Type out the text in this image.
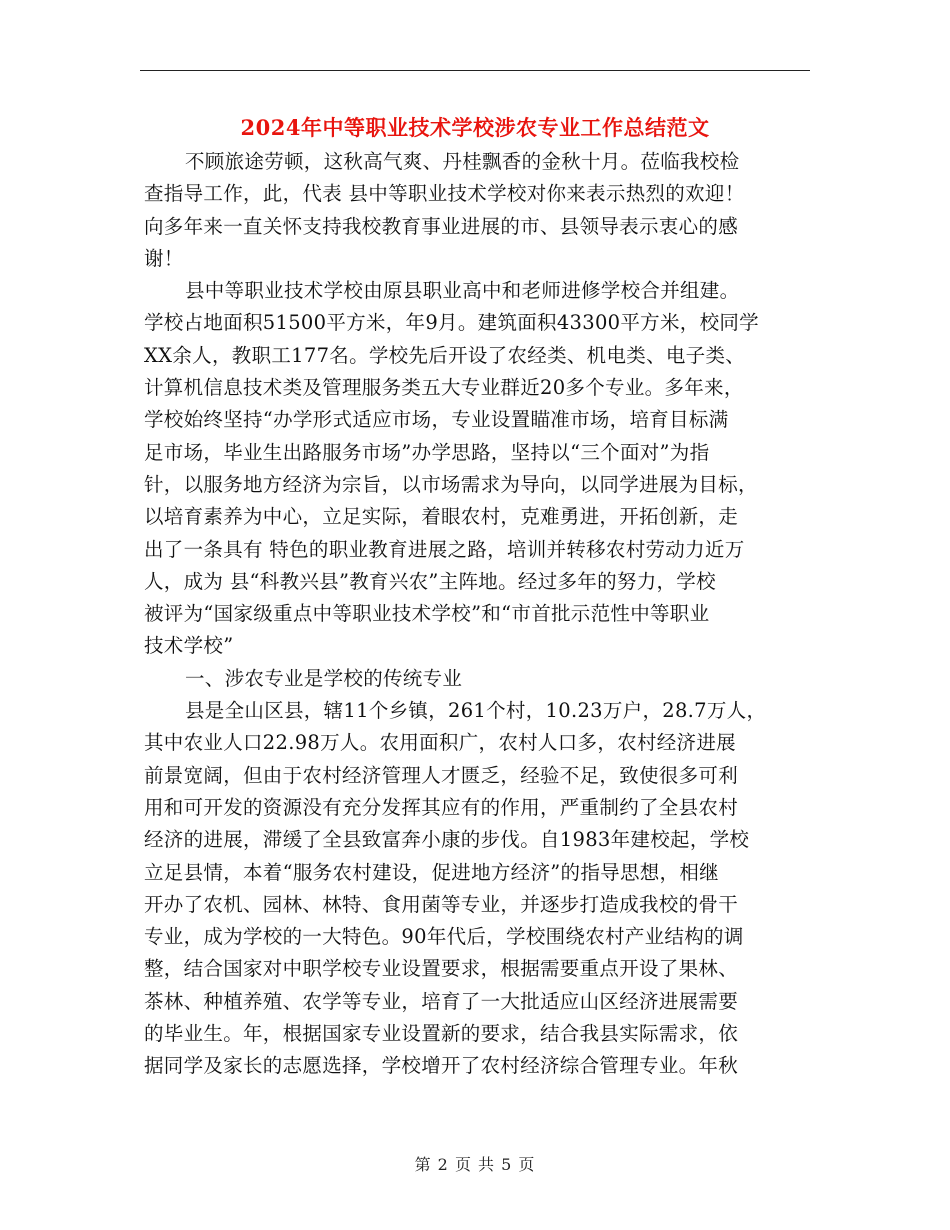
2024年中等职业技术学校涉农专业工作总结范文
不顾旅途劳顿，这秋高气爽、丹桂飘香的金秋十月。莅临我校检
查指导工作，此，代表 县中等职业技术学校对你来表示热烈的欢迎！
向多年来一直关怀支持我校教育事业进展的市、县领导表示衷心的感
谢！
县中等职业技术学校由原县职业高中和老师进修学校合并组建。
学校占地面积51500平方米，年9月。建筑面积43300平方米，校同学
XX余人，教职工177名。学校先后开设了农经类、机电类、电子类、
计算机信息技术类及管理服务类五大专业群近20多个专业。多年来，
学校始终坚持“办学形式适应市场，专业设置瞄准市场，培育目标满
足市场，毕业生出路服务市场”办学思路，坚持以“三个面对”为指
针，以服务地方经济为宗旨，以市场需求为导向，以同学进展为目标，
以培育素养为中心，立足实际，着眼农村，克难勇进，开拓创新，走
出了一条具有 特色的职业教育进展之路，培训并转移农村劳动力近万
人，成为 县“科教兴县”教育兴农”主阵地。经过多年的努力，学校
被评为“国家级重点中等职业技术学校”和“市首批示范性中等职业
技术学校”
一、涉农专业是学校的传统专业
县是全山区县，辖11个乡镇，261个村，10.23万户，28.7万人，
其中农业人口22.98万人。农用面积广，农村人口多，农村经济进展
前景宽阔，但由于农村经济管理人才匮乏，经验不足，致使很多可利
用和可开发的资源没有充分发挥其应有的作用，严重制约了全县农村
经济的进展，滞缓了全县致富奔小康的步伐。自1983年建校起，学校
立足县情，本着“服务农村建设，促进地方经济”的指导思想，相继
开办了农机、园林、林特、食用菌等专业，并逐步打造成我校的骨干
专业，成为学校的一大特色。90年代后，学校围绕农村产业结构的调
整，结合国家对中职学校专业设置要求，根据需要重点开设了果林、
茶林、种植养殖、农学等专业，培育了一大批适应山区经济进展需要
的毕业生。年，根据国家专业设置新的要求，结合我县实际需求，依
据同学及家长的志愿选择，学校增开了农村经济综合管理专业。年秋
第 2 页 共 5 页
